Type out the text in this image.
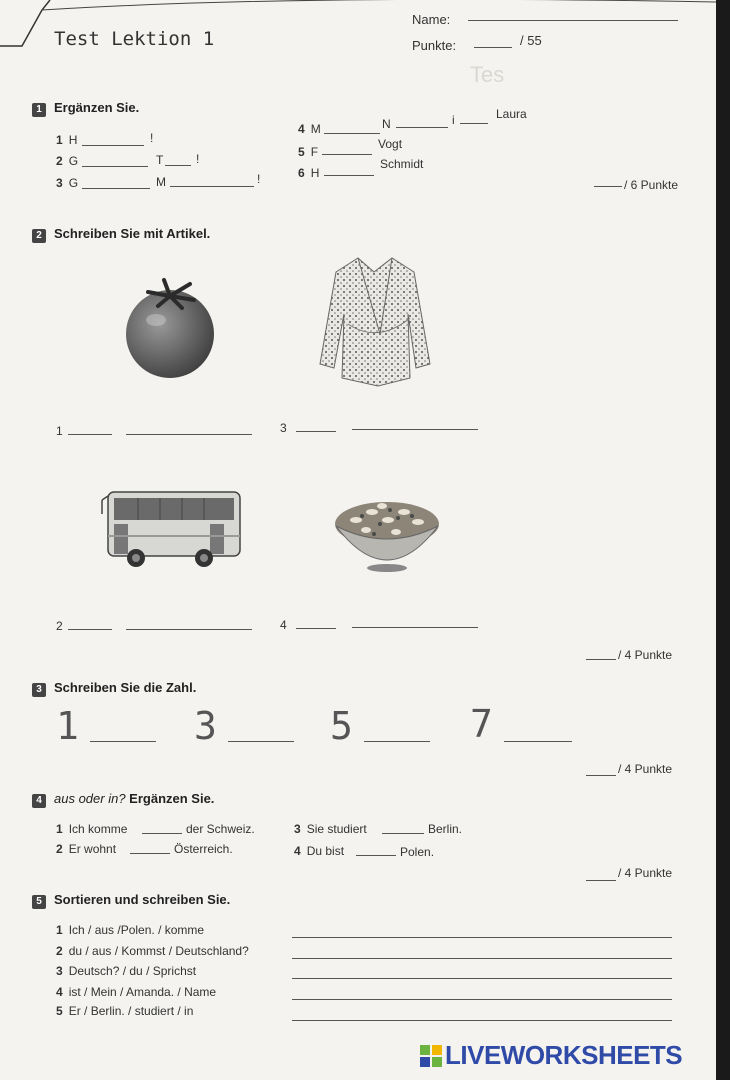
Tes
Test Lektion 1
Name:
Punkte:	/ 55
1 Ergänzen Sie.
1 H	!
2 G	T	!
3 G	M	!
4 M	N	i	Laura
5 F
Vogt
6 H
Schmidt
/ 6 Punkte
2 Schreiben Sie mit Artikel.
1	3
2	4
/ 4 Punkte
3 Schreiben Sie die Zahl.
1	3	5	7
/ 4 Punkte
4 aus oder in? Ergänzen Sie.
1 Ich komme	der Schweiz.
2 Er wohnt	Österreich.
3 Sie studiert	Berlin.
4 Du bist	Polen.
/ 4 Punkte
5 Sortieren und schreiben Sie.
1 Ich / aus /Polen. / komme
2 du / aus / Kommst / Deutschland?
3 Deutsch? / du / Sprichst
4 ist / Mein / Amanda. / Name
5 Er / Berlin. / studiert / in
LIVEWORKSHEETS
